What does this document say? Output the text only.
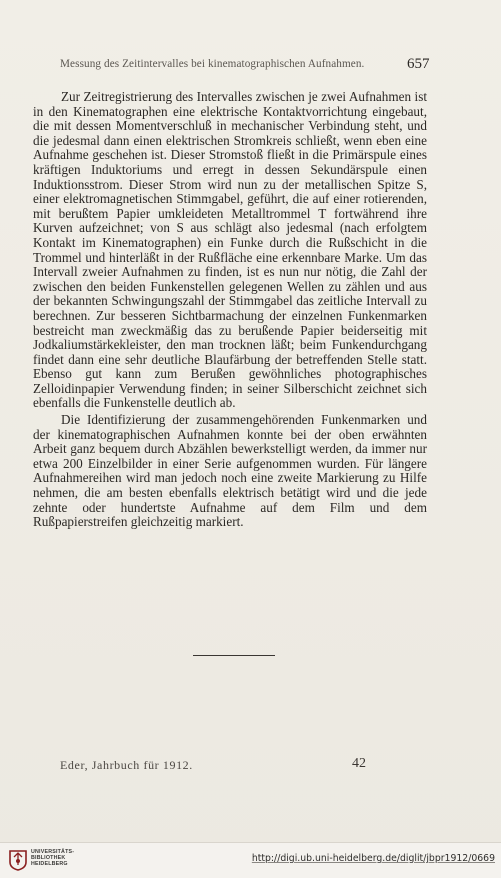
Messung des Zeitintervalles bei kinematographischen Aufnahmen.	657

Zur Zeitregistrierung des Intervalles zwischen je zwei Aufnahmen ist in den Kinematographen eine elektrische Kontaktvorrichtung eingebaut, die mit dessen Momentverschluß in mechanischer Verbindung steht, und die jedesmal dann einen elektrischen Stromkreis schließt, wenn eben eine Aufnahme geschehen ist. Dieser Stromstoß fließt in die Primärspule eines kräftigen Induktoriums und erregt in dessen Sekundärspule einen Induktionsstrom. Dieser Strom wird nun zu der metallischen Spitze S, einer elektromagnetischen Stimmgabel, geführt, die auf einer rotierenden, mit berußtem Papier umkleideten Metalltrommel T fortwährend ihre Kurven aufzeichnet; von S aus schlägt also jedesmal (nach erfolgtem Kontakt im Kinematographen) ein Funke durch die Rußschicht in die Trommel und hinterläßt in der Rußfläche eine erkennbare Marke. Um das Intervall zweier Aufnahmen zu finden, ist es nun nur nötig, die Zahl der zwischen den beiden Funkenstellen gelegenen Wellen zu zählen und aus der bekannten Schwingungszahl der Stimmgabel das zeitliche Intervall zu berechnen. Zur besseren Sichtbarmachung der einzelnen Funkenmarken bestreicht man zweckmäßig das zu berußende Papier beiderseitig mit Jodkaliumstärkekleister, den man trocknen läßt; beim Funkendurchgang findet dann eine sehr deutliche Blaufärbung der betreffenden Stelle statt. Ebenso gut kann zum Berußen gewöhnliches photographisches Zelloidinpapier Verwendung finden; in seiner Silberschicht zeichnet sich ebenfalls die Funkenstelle deutlich ab.

Die Identifizierung der zusammengehörenden Funkenmarken und der kinematographischen Aufnahmen konnte bei der oben erwähnten Arbeit ganz bequem durch Abzählen bewerkstelligt werden, da immer nur etwa 200 Einzelbilder in einer Serie aufgenommen wurden. Für längere Aufnahmereihen wird man jedoch noch eine zweite Markierung zu Hilfe nehmen, die am besten ebenfalls elektrisch betätigt wird und die jede zehnte oder hundertste Aufnahme auf dem Film und dem Rußpapierstreifen gleichzeitig markiert.

Eder, Jahrbuch für 1912.	42
UNIVERSITÄTS-
BIBLIOTHEK
HEIDELBERG
http://digi.ub.uni-heidelberg.de/diglit/jbpr1912/0669
